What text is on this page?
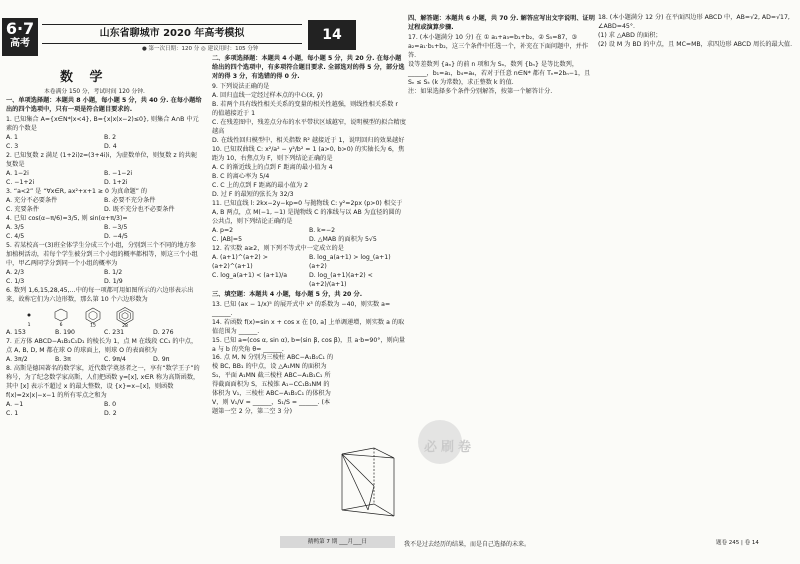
6·7
高考
山东省聊城市 2020 年高考模拟	14
● 第一次日期：120 分 ◎ 建议用时：105 分钟
数 学
本卷满分 150 分，考试时间 120 分钟.

一、单项选择题：本题共 8 小题，每小题 5 分，共 40 分. 在每小题给出的四个选项中，只有一项是符合题目要求的.

1. 已知集合 A={x∈N*|x<4}, B={x|x(x−2)≤0}, 则集合 A∩B 中元素的个数是

A. 1	B. 2
C. 3	D. 4

2. 已知复数 z 满足 (1+2i)z=(3+4i)i，为虚数单位，则复数 z 的共轭复数是

A. 1−2i	B. −1−2i
C. −1+2i	D. 1+2i

3. “a<2” 是 “∀x∈R, ax²+x+1 ≥ 0 为真命题” 的

A. 充分不必要条件	B. 必要不充分条件
C. 充要条件	D. 既不充分也不必要条件

4. 已知 cos(α−π/6)=3/5, 则 sin(α+π/3)=

A. 3/5	B. −3/5
C. 4/5	D. −4/5

5. 若某校高一(3)班全体学生分成三个小组，分别到三个不同的地方参加植树活动，若每个学生被分到三个小组的概率都相等，则这三个小组中，甲乙两同学分到同一个小组的概率为

A. 2/3	B. 1/2
C. 1/3	D. 1/9

6. 数列 1,6,15,28,45,…中的每一项都可用如图所示的六边形表示出来，故称它们为六边形数，那么第 10 个六边形数为

1	6	15	28
A. 153	B. 190	C. 231	D. 276

7. 正方体 ABCD−A₁B₁C₁D₁ 的棱长为 1，点 M 在线段 CC₁ 的中点，点 A, B, D, M 都在球 O 的球面上，则球 O 的表面积为

A. 3π/2	B. 3π	C. 9π/4	D. 9π

8. 高斯是德国著名的数学家，近代数学奠基者之一，享有“数学王子”的称号，为了纪念数学家高斯，人们把函数 y=[x], x∈R 称为高斯函数，其中 [x] 表示不超过 x 的最大整数，设 {x}=x−[x]，则函数 f(x)=2x|x|−x−1 的所有零点之和为

A. −1	B. 0
C. 1	D. 2

二、多项选择题：本题共 4 小题，每小题 5 分，共 20 分. 在每小题给出的四个选项中，有多项符合题目要求. 全部选对的得 5 分，部分选对的得 3 分，有选错的得 0 分.

9. 下列说法正确的是

A. 回归直线一定经过样本点的中心(x̄, ȳ)

B. 若两个具有线性相关关系的变量的相关性越强，则线性相关系数 r 的值越接近于 1

C. 在残差图中，残差点分布的水平带状区域越窄，说明模型的拟合精度越高

D. 在线性回归模型中，相关指数 R² 越接近于 1，说明回归的效果越好

10. 已知双曲线 C: x²/a² − y²/b² = 1 (a>0, b>0) 的实轴长为 6，焦距为 10，右焦点为 F，则下列结论正确的是

A. C 的渐近线上的点到 F 距离的最小值为 4

B. C 的离心率为 5/4

C. C 上的点到 F 距离的最小值为 2

D. 过 F 的最短的弦长为 32/3

11. 已知直线 l: 2kx−2y−kp=0 与抛物线 C: y²=2px (p>0) 相交于 A, B 两点，点 M(−1, −1) 是抛物线 C 的准线与以 AB 为直径的圆的公共点，则下列结论正确的是

A. p=2	B. k=−2
C. |AB|=5	D. △MAB 的面积为 5√5

12. 若实数 a≥2，则下列不等式中一定成立的是

A. (a+1)^(a+2) > (a+2)^(a+1)
B. log_a(a+1) > log_(a+1)(a+2)
C. log_a(a+1) < (a+1)/a	D. log_(a+1)(a+2) < (a+2)/(a+1)

三、填空题：本题共 4 小题，每小题 5 分，共 20 分.

13. 已知 (ax − 1/x)⁵ 的展开式中 x³ 的系数为 −40，则实数 a= ______.

14. 若函数 f(x)=sin x + cos x 在 [0, a] 上单调递增，则实数 a 的取值范围为 ______.

15. 已知 a=(cos α, sin α), b=(sin β, cos β)，且 a·b=90°，则向量 a 与 b 的夹角 θ= ______.

16. 点 M, N 分别为三棱柱 ABC−A₁B₁C₁ 的棱 BC, BB₁ 的中点，设 △A₁MN 的面积为 S₁，平面 A₁MN 截三棱柱 ABC−A₁B₁C₁ 所得截面面积为 S，五棱锥 A₁−CC₁B₁NM 的体积为 V₁，三棱柱 ABC−A₁B₁C₁ 的体积为 V，则 V₁/V = ______，S₁/S = ______. (本题第一空 2 分，第二空 3 分)

必刷卷

四、解答题：本题共 6 小题，共 70 分. 解答应写出文字说明、证明过程或演算步骤.

17. (本小题满分 10 分) 在 ① a₁+a₃=b₁+b₂，② S₅=87，③ a₂=a₁·b₁+b₂，这三个条件中任选一个，补充在下面问题中，并作答.

设等差数列 {aₙ} 的前 n 项和为 Sₙ，数列 {bₙ} 是等比数列，______，b₁=a₁，b₄=a₄，若对于任意 n∈N* 都有 Tₙ=2bₙ−1，且 Sₙ ≤ Sₖ (k 为常数)，求正整数 k 的值.

注：如果选择多个条件分别解答，按第一个解答计分.

18. (本小题满分 12 分) 在平面四边形 ABCD 中，AB=√2, AD=√17, ∠ABD=45°.

(1) 求 △ABD 的面积；

(2) 设 M 为 BD 的中点，且 MC=MB，求四边形 ABCD 周长的最大值.

鹅鸭第 7 期 ___月___日	我不是过去经历的结果，而是自己选择的未来。	题卷 245 | 卷 14
